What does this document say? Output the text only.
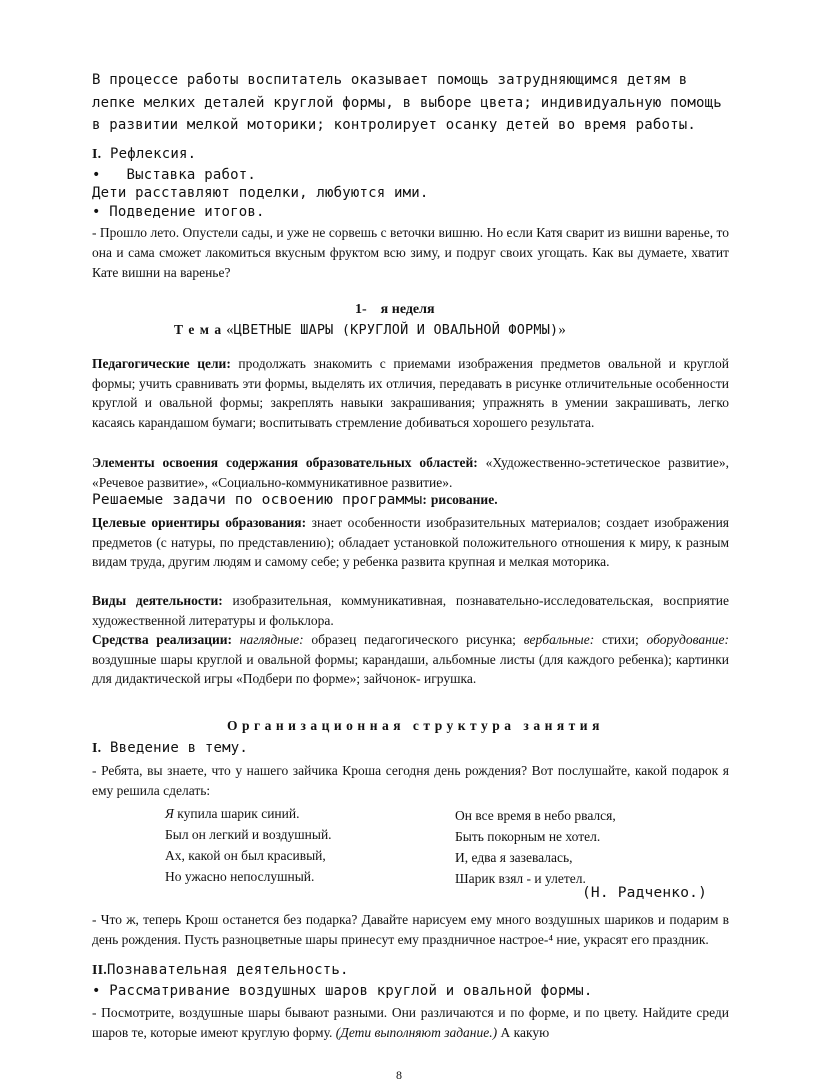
В процессе работы воспитатель оказывает помощь затрудняющимся детям в лепке мелких деталей круглой формы, в выборе цвета; индивидуальную помощь в развитии мелкой моторики; контролирует осанку детей во время работы.

I. Рефлексия.

• Выставка работ.

Дети расставляют поделки, любуются ими.

• Подведение итогов.

- Прошло лето. Опустели сады, и уже не сорвешь с веточки вишню. Но если Катя сварит из вишни варенье, то она и сама сможет лакомиться вкусным фруктом всю зиму, и подруг своих угощать. Как вы думаете, хватит Кате вишни на варенье?

1- я неделя

Т е м а «ЦВЕТНЫЕ ШАРЫ (КРУГЛОЙ И ОВАЛЬНОЙ ФОРМЫ)»

Педагогические цели: продолжать знакомить с приемами изображения предметов овальной и круглой формы; учить сравнивать эти формы, выделять их отличия, передавать в рисунке отличительные особенности круглой и овальной формы; закреплять навыки закрашивания; упражнять в умении закрашивать, легко касаясь карандашом бумаги; воспитывать стремление добиваться хорошего результата.

Элементы освоения содержания образовательных областей: «Художественно-эстетическое развитие», «Речевое развитие», «Социально-коммуникативное развитие».

Решаемые задачи по освоению программы: рисование.

Целевые ориентиры образования: знает особенности изобразительных материалов; создает изображения предметов (с натуры, по представлению); обладает установкой положительного отношения к миру, к разным видам труда, другим людям и самому себе; у ребенка развита крупная и мелкая моторика.

Виды деятельности: изобразительная, коммуникативная, познавательно-исследовательская, восприятие художественной литературы и фольклора.

Средства реализации: наглядные: образец педагогического рисунка; вербальные: стихи; оборудование: воздушные шары круглой и овальной формы; карандаши, альбомные листы (для каждого ребенка); картинки для дидактической игры «Подбери по форме»; зайчонок- игрушка.

Организационная структура занятия

I. Введение в тему.

- Ребята, вы знаете, что у нашего зайчика Кроша сегодня день рождения? Вот послушайте, какой подарок я ему решила сделать:

Я купила шарик синий.

Был он легкий и воздушный.

Ах, какой он был красивый,

Но ужасно непослушный.

Он все время в небо рвался,

Быть покорным не хотел.

И, едва я зазевалась,

Шарик взял - и улетел.

(Н. Радченко.)

- Что ж, теперь Крош останется без подарка? Давайте нарисуем ему много воздушных шариков и подарим в день рождения. Пусть разноцветные шары принесут ему праздничное настрое-⁴ ние, украсят его праздник.

II.Познавательная деятельность.

• Рассматривание воздушных шаров круглой и овальной формы.

- Посмотрите, воздушные шары бывают разными. Они различаются и по форме, и по цвету. Найдите среди шаров те, которые имеют круглую форму. (Дети выполняют задание.) А какую

8
